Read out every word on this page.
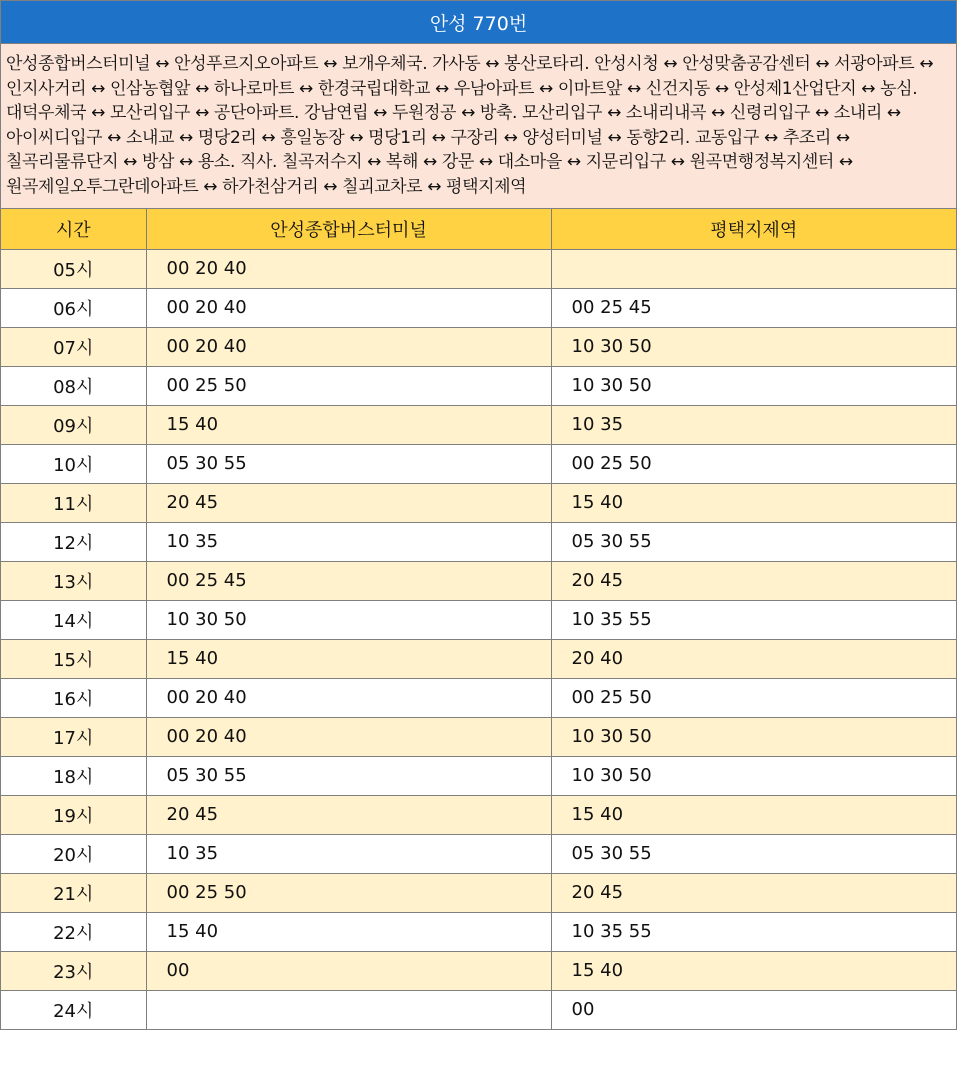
안성 770번
안성종합버스터미널 ↔ 안성푸르지오아파트 ↔ 보개우체국. 가사동 ↔ 봉산로타리. 안성시청 ↔ 안성맞춤공감센터 ↔ 서광아파트 ↔ 인지사거리 ↔ 인삼농협앞 ↔ 하나로마트 ↔ 한경국립대학교 ↔ 우남아파트 ↔ 이마트앞 ↔ 신건지동 ↔ 안성제1산업단지 ↔ 농심. 대덕우체국 ↔ 모산리입구 ↔ 공단아파트. 강남연립 ↔ 두원정공 ↔ 방축. 모산리입구 ↔ 소내리내곡 ↔ 신령리입구 ↔ 소내리 ↔ 아이씨디입구 ↔ 소내교 ↔ 명당2리 ↔ 흥일농장 ↔ 명당1리 ↔ 구장리 ↔ 양성터미널 ↔ 동향2리. 교동입구 ↔ 추조리 ↔ 칠곡리물류단지 ↔ 방삼 ↔ 용소. 직사. 칠곡저수지 ↔ 복해 ↔ 강문 ↔ 대소마을 ↔ 지문리입구 ↔ 원곡면행정복지센터 ↔ 원곡제일오투그란데아파트 ↔ 하가천삼거리 ↔ 칠괴교차로 ↔ 평택지제역
시간	안성종합버스터미널	평택지제역
05시	00 20 40	
06시	00 20 40	00 25 45
07시	00 20 40	10 30 50
08시	00 25 50	10 30 50
09시	15 40	10 35
10시	05 30 55	00 25 50
11시	20 45	15 40
12시	10 35	05 30 55
13시	00 25 45	20 45
14시	10 30 50	10 35 55
15시	15 40	20 40
16시	00 20 40	00 25 50
17시	00 20 40	10 30 50
18시	05 30 55	10 30 50
19시	20 45	15 40
20시	10 35	05 30 55
21시	00 25 50	20 45
22시	15 40	10 35 55
23시	00	15 40
24시		00
